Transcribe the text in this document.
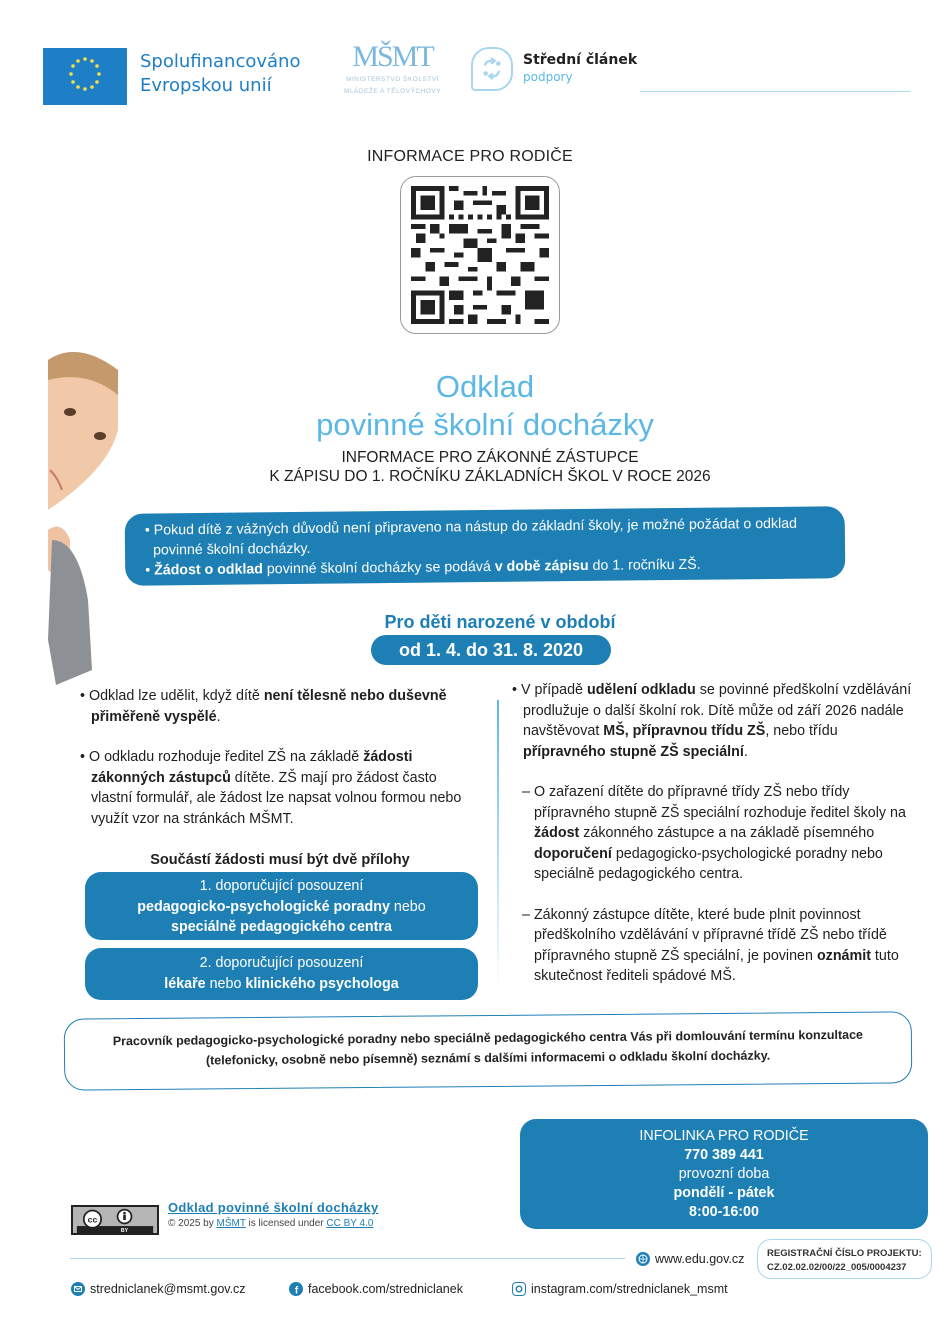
Spolufinancováno
Evropskou unií
MŠMT
MINISTERSTVO ŠKOLSTVÍ
MLÁDEŽE A TĚLOVÝCHOVY
Střední článek
podpory
INFORMACE PRO RODIČE
Odklad
povinné školní docházky
INFORMACE PRO ZÁKONNÉ ZÁSTUPCE
K ZÁPISU DO 1. ROČNÍKU ZÁKLADNÍCH ŠKOL V ROCE 2026
• Pokud dítě z vážných důvodů není připraveno na nástup do základní školy, je možné požádat o odklad povinné školní docházky.
• Žádost o odklad povinné školní docházky se podává v době zápisu do 1. ročníku ZŠ.
Pro děti narozené v období
od 1. 4. do 31. 8. 2020

• Odklad lze udělit, když dítě není tělesně nebo duševně přiměřeně vyspělé.

• O odkladu rozhoduje ředitel ZŠ na základě žádosti zákonných zástupců dítěte. ZŠ mají pro žádost často vlastní formulář, ale žádost lze napsat volnou formou nebo využít vzor na stránkách MŠMT.

Součástí žádosti musí být dvě přílohy
1. doporučující posouzení
pedagogicko-psychologické poradny nebo
speciálně pedagogického centra
2. doporučující posouzení
lékaře nebo klinického psychologa

• V případě udělení odkladu se povinné předškolní vzdělávání prodlužuje o další školní rok. Dítě může od září 2026 nadále navštěvovat MŠ, přípravnou třídu ZŠ, nebo třídu přípravného stupně ZŠ speciální.

– O zařazení dítěte do přípravné třídy ZŠ nebo třídy přípravného stupně ZŠ speciální rozhoduje ředitel školy na žádost zákonného zástupce a na základě písemného doporučení pedagogicko-psychologické poradny nebo speciálně pedagogického centra.

– Zákonný zástupce dítěte, které bude plnit povinnost předškolního vzdělávání v přípravné třídě ZŠ nebo třídě přípravného stupně ZŠ speciální, je povinen oznámit tuto skutečnost řediteli spádové MŠ.

Pracovník pedagogicko-psychologické poradny nebo speciálně pedagogického centra Vás při domlouvání termínu konzultace
(telefonicky, osobně nebo písemně) seznámí s dalšími informacemi o odkladu školní docházky.
INFOLINKA PRO RODIČE
770 389 441
provozní doba
pondělí - pátek
8:00-16:00
cc
BY
Odklad povinné školní docházky
© 2025 by MŠMT is licensed under CC BY 4.0
www.edu.gov.cz REGISTRAČNÍ ČÍSLO PROJEKTU:
CZ.02.02.02/00/22_005/0004237
stredniclanek@msmt.gov.cz	f facebook.com/stredniclanek	instagram.com/stredniclanek_msmt
